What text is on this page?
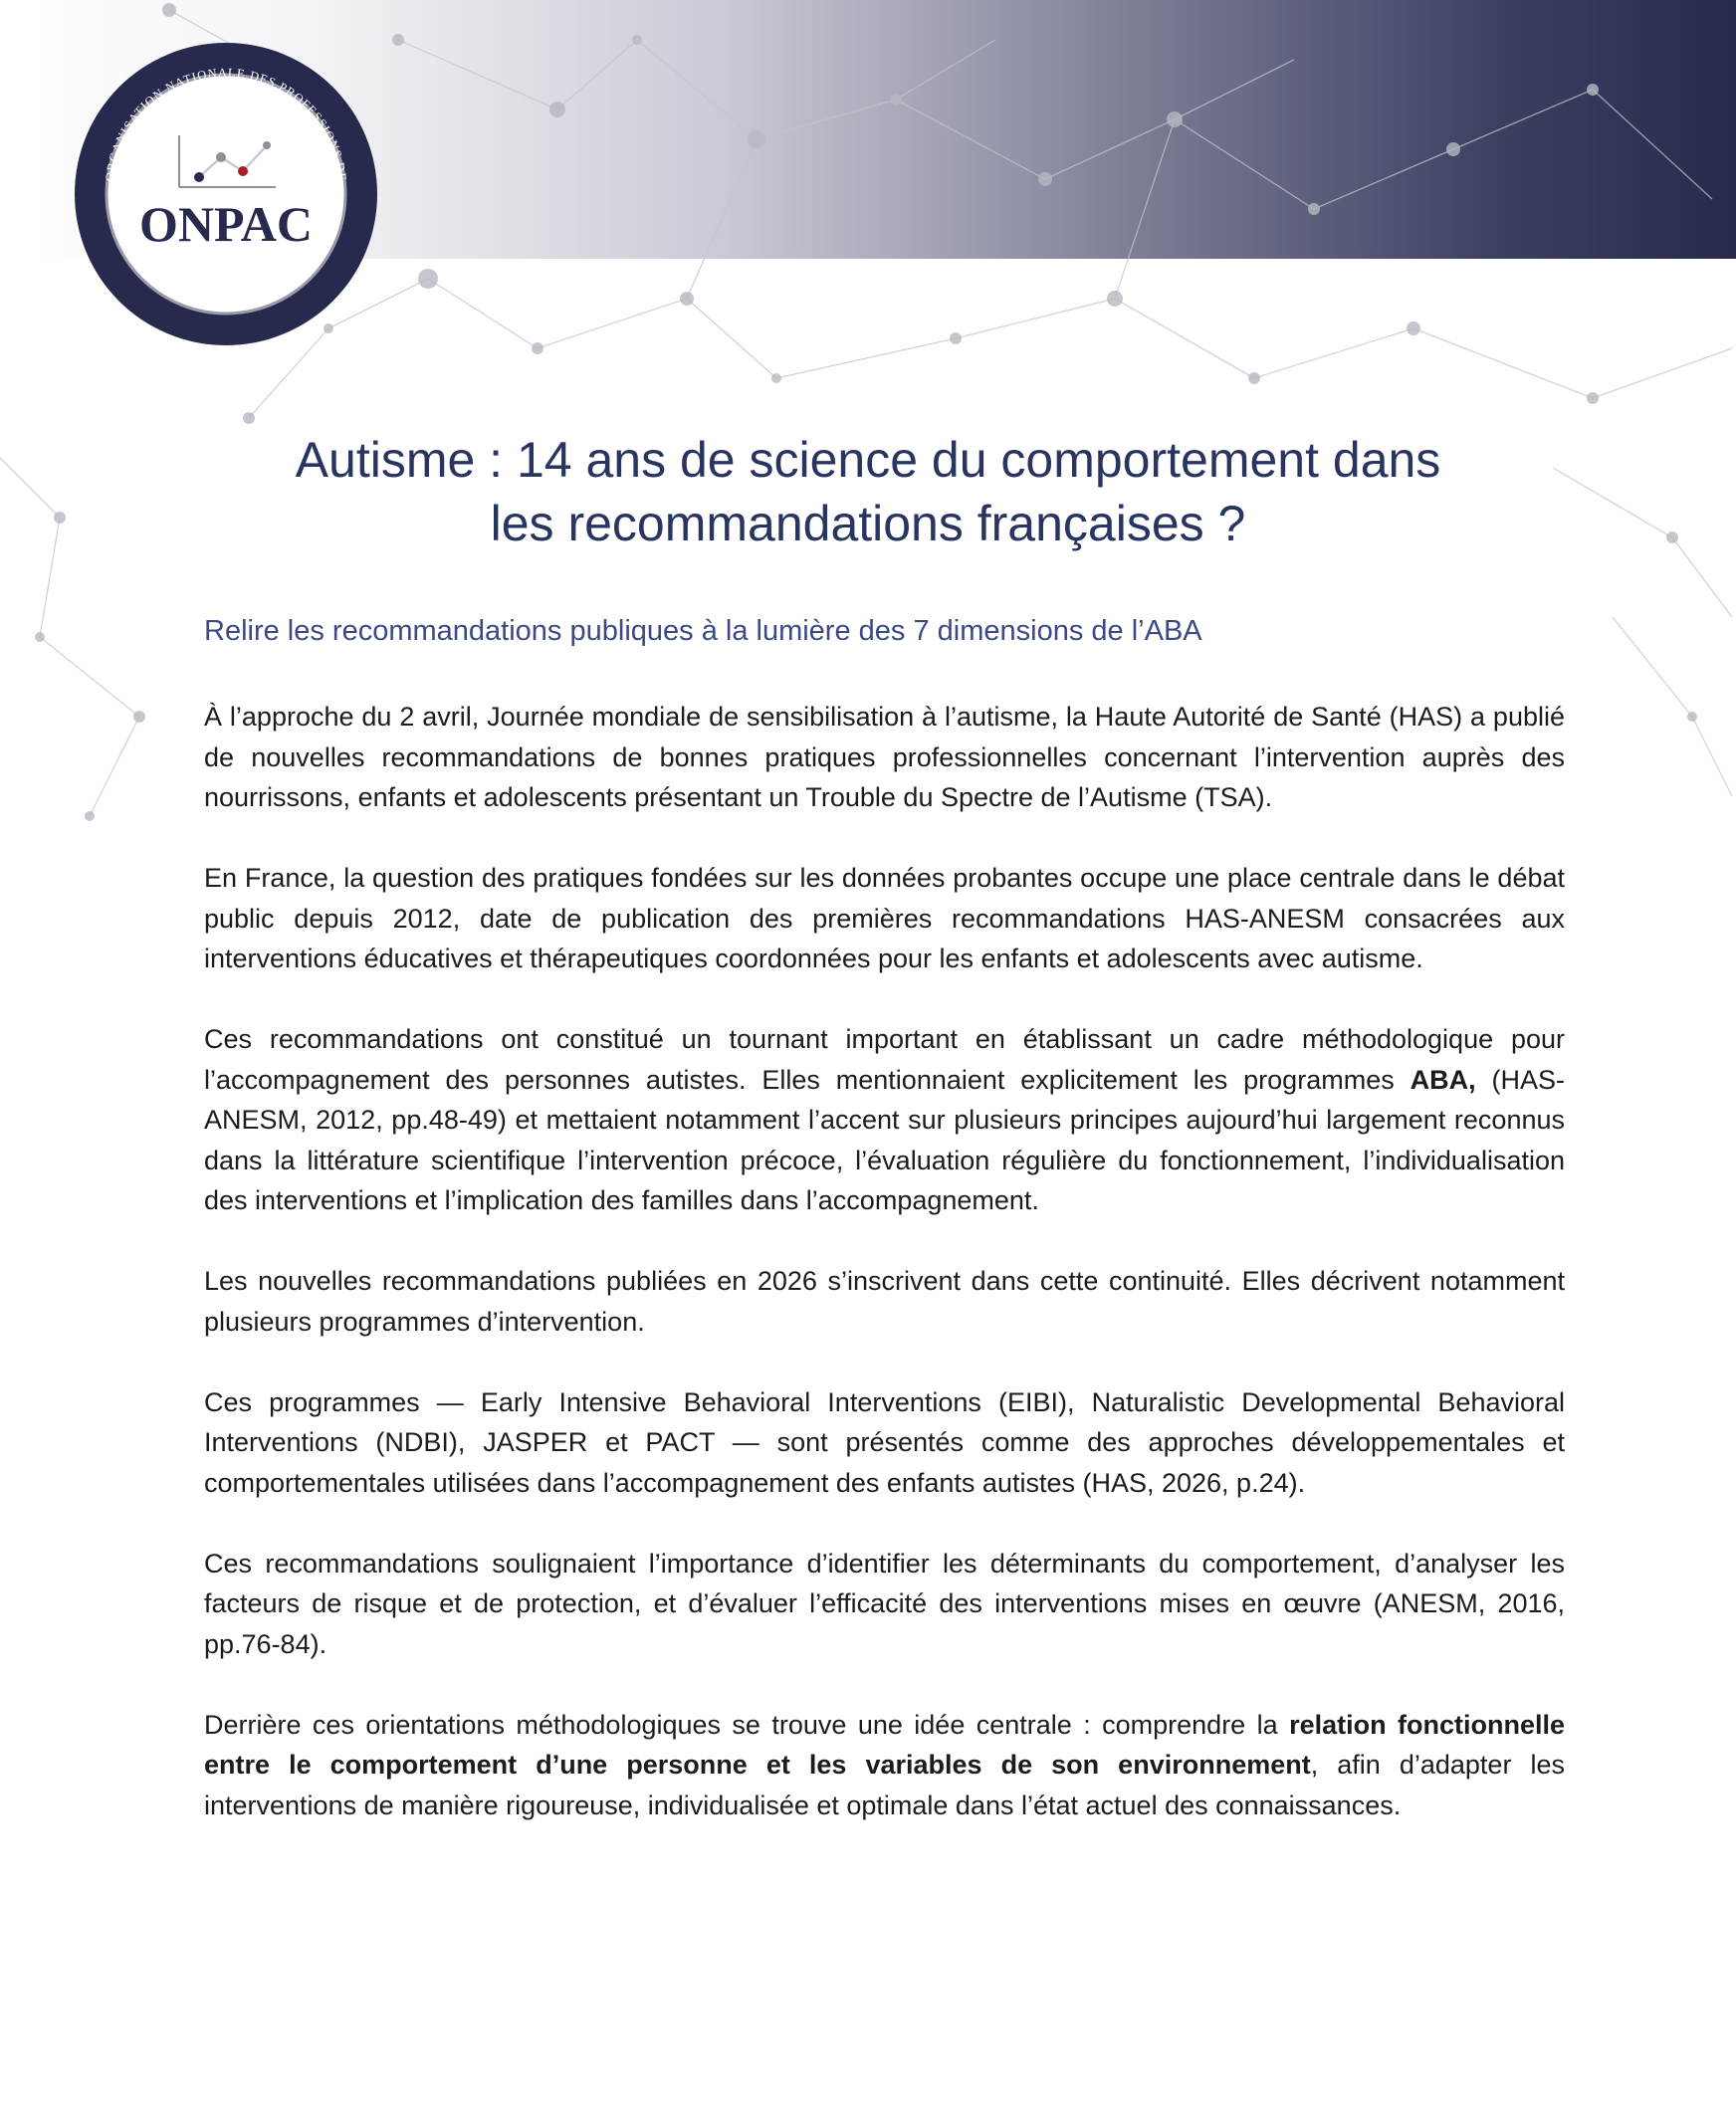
ORGANISATION NATIONALE DES PROFESSIONS DE
L'ANALYSE DU COMPORTEMENT
ONPAC
Autisme : 14 ans de science du comportement dans
les recommandations françaises ?
Relire les recommandations publiques à la lumière des 7 dimensions de l’ABA

À l’approche du 2 avril, Journée mondiale de sensibilisation à l’autisme, la Haute Autorité de Santé (HAS) a publié de nouvelles recommandations de bonnes pratiques professionnelles concernant l’intervention auprès des nourrissons, enfants et adolescents présentant un Trouble du Spectre de l’Autisme (TSA).

En France, la question des pratiques fondées sur les données probantes occupe une place centrale dans le débat public depuis 2012, date de publication des premières recommandations HAS-ANESM consacrées aux interventions éducatives et thérapeutiques coordonnées pour les enfants et adolescents avec autisme.

Ces recommandations ont constitué un tournant important en établissant un cadre méthodologique pour l’accompagnement des personnes autistes. Elles mentionnaient explicitement les programmes ABA, (HAS-ANESM, 2012, pp.48-49) et mettaient notamment l’accent sur plusieurs principes aujourd’hui largement reconnus dans la littérature scientifique l’intervention précoce, l’évaluation régulière du fonctionnement, l’individualisation des interventions et l’implication des familles dans l’accompagnement.

Les nouvelles recommandations publiées en 2026 s’inscrivent dans cette continuité. Elles décrivent notamment plusieurs programmes d’intervention.

Ces programmes — Early Intensive Behavioral Interventions (EIBI), Naturalistic Developmental Behavioral Interventions (NDBI), JASPER et PACT — sont présentés comme des approches développementales et comportementales utilisées dans l’accompagnement des enfants autistes (HAS, 2026, p.24).

Ces recommandations soulignaient l’importance d’identifier les déterminants du comportement, d’analyser les facteurs de risque et de protection, et d’évaluer l’efficacité des interventions mises en œuvre (ANESM, 2016, pp.76-84).

Derrière ces orientations méthodologiques se trouve une idée centrale : comprendre la relation fonctionnelle entre le comportement d’une personne et les variables de son environnement, afin d’adapter les interventions de manière rigoureuse, individualisée et optimale dans l’état actuel des connaissances.
